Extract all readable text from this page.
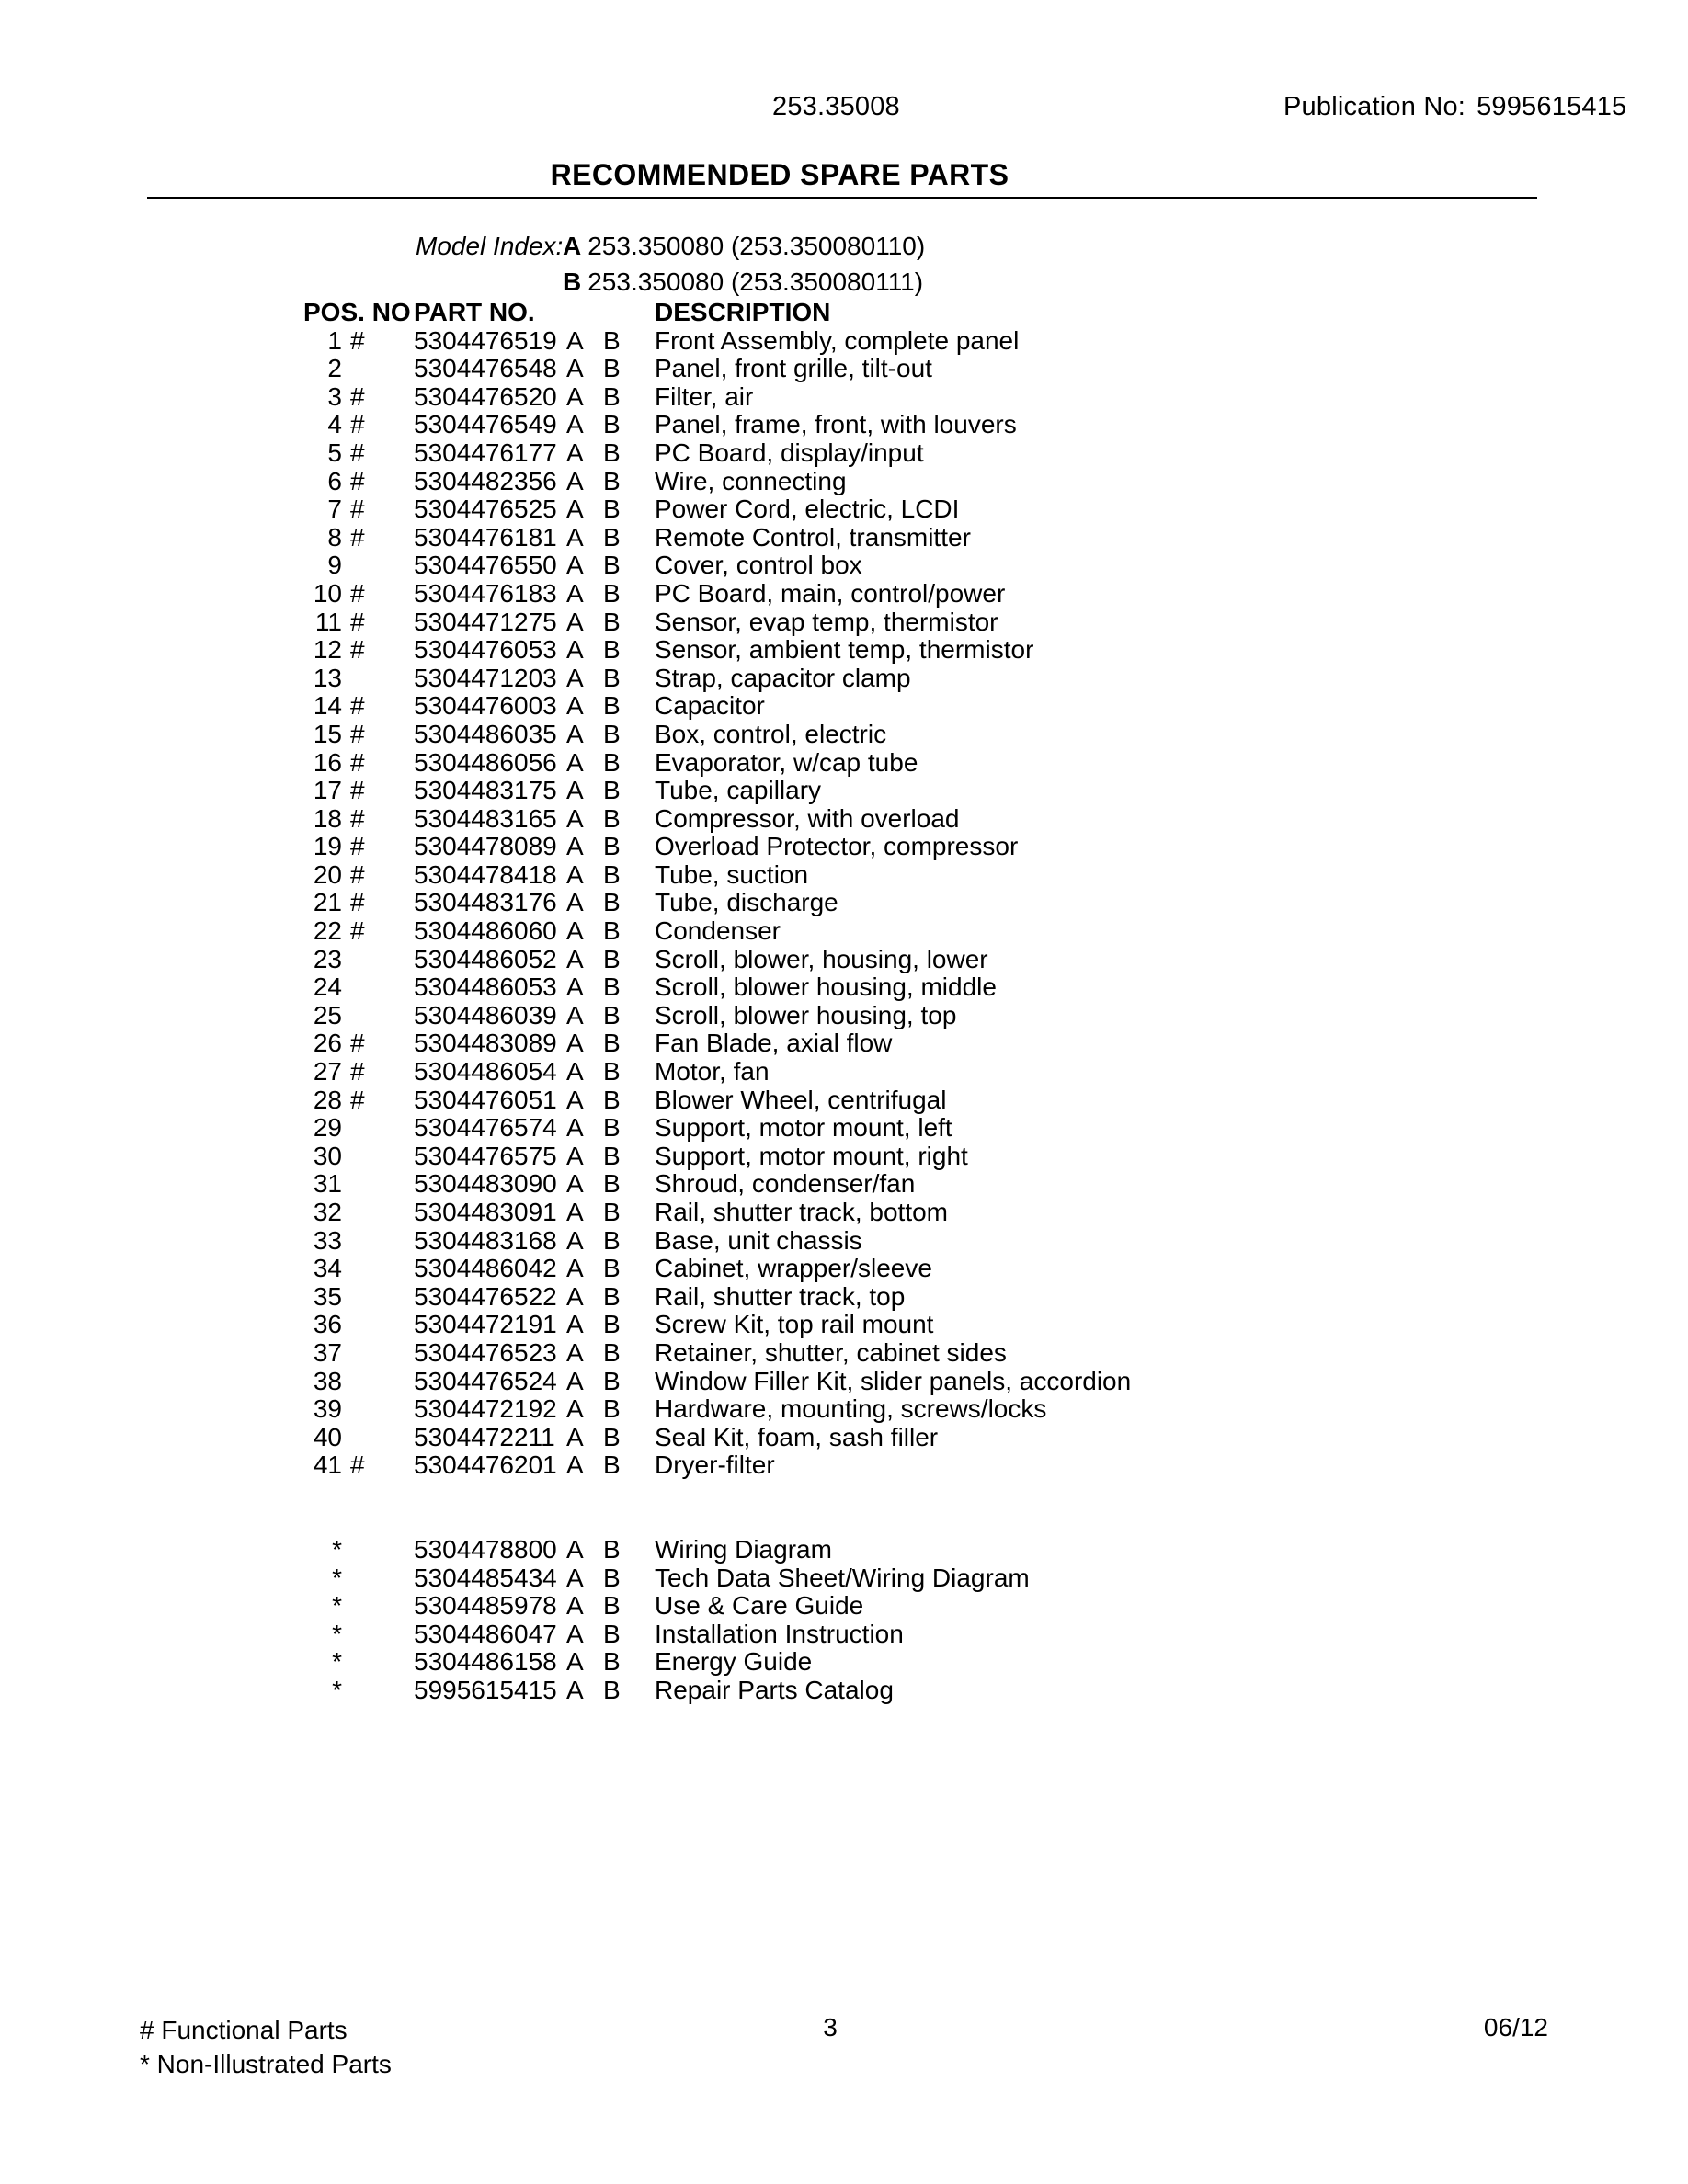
253.35008	Publication No: 5995615415
RECOMMENDED SPARE PARTS
Model Index: A 253.350080 (253.350080110)
B 253.350080 (253.350080111)
POS. NO PART NO.	DESCRIPTION
1 #	5304476519 A B Front Assembly, complete panel
2	5304476548 A B Panel, front grille, tilt-out
3 #	5304476520 A B Filter, air
4 #	5304476549 A B Panel, frame, front, with louvers
5 #	5304476177 A B PC Board, display/input
6 #	5304482356 A B Wire, connecting
7 #	5304476525 A B Power Cord, electric, LCDI
8 #	5304476181 A B Remote Control, transmitter
9	5304476550 A B Cover, control box
10 #	5304476183 A B PC Board, main, control/power
11 #	5304471275 A B Sensor, evap temp, thermistor
12 #	5304476053 A B Sensor, ambient temp, thermistor
13	5304471203 A B Strap, capacitor clamp
14 #	5304476003 A B Capacitor
15 #	5304486035 A B Box, control, electric
16 #	5304486056 A B Evaporator, w/cap tube
17 #	5304483175 A B Tube, capillary
18 #	5304483165 A B Compressor, with overload
19 #	5304478089 A B Overload Protector, compressor
20 #	5304478418 A B Tube, suction
21 #	5304483176 A B Tube, discharge
22 #	5304486060 A B Condenser
23	5304486052 A B Scroll, blower, housing, lower
24	5304486053 A B Scroll, blower housing, middle
25	5304486039 A B Scroll, blower housing, top
26 #	5304483089 A B Fan Blade, axial flow
27 #	5304486054 A B Motor, fan
28 #	5304476051 A B Blower Wheel, centrifugal
29	5304476574 A B Support, motor mount, left
30	5304476575 A B Support, motor mount, right
31	5304483090 A B Shroud, condenser/fan
32	5304483091 A B Rail, shutter track, bottom
33	5304483168 A B Base, unit chassis
34	5304486042 A B Cabinet, wrapper/sleeve
35	5304476522 A B Rail, shutter track, top
36	5304472191 A B Screw Kit, top rail mount
37	5304476523 A B Retainer, shutter, cabinet sides
38	5304476524 A B Window Filler Kit, slider panels, accordion
39	5304472192 A B Hardware, mounting, screws/locks
40	5304472211 A B Seal Kit, foam, sash filler
41 #	5304476201 A B Dryer-filter
*	5304478800 A B Wiring Diagram
*	5304485434 A B Tech Data Sheet/Wiring Diagram
*	5304485978 A B Use & Care Guide
*	5304486047 A B Installation Instruction
*	5304486158 A B Energy Guide
*	5995615415 A B Repair Parts Catalog
# Functional Parts
* Non-Illustrated Parts
3	06/12
